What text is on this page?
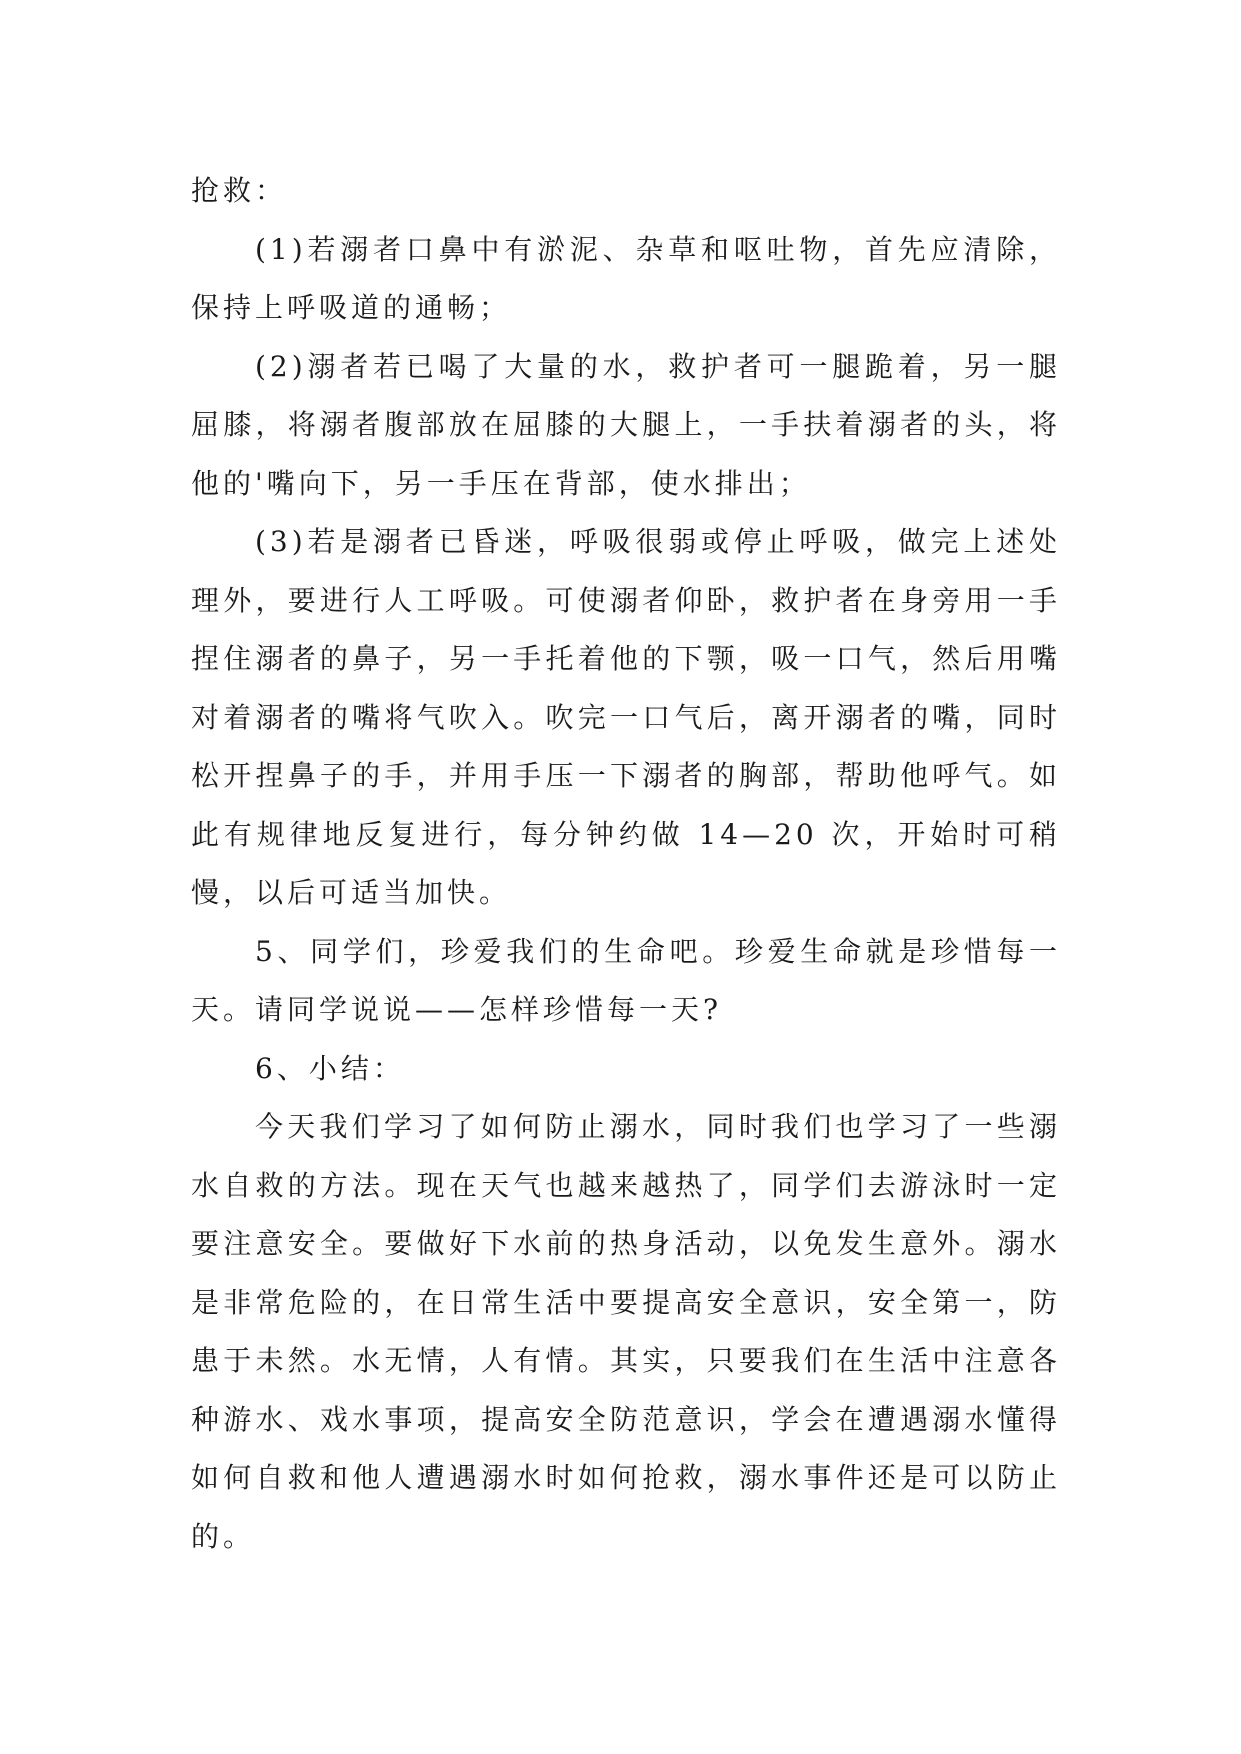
抢救：

(1)若溺者口鼻中有淤泥、杂草和呕吐物，首先应清除，保持上呼吸道的通畅；

(2)溺者若已喝了大量的水，救护者可一腿跪着，另一腿屈膝，将溺者腹部放在屈膝的大腿上，一手扶着溺者的头，将他的'嘴向下，另一手压在背部，使水排出；

(3)若是溺者已昏迷，呼吸很弱或停止呼吸，做完上述处理外，要进行人工呼吸。可使溺者仰卧，救护者在身旁用一手捏住溺者的鼻子，另一手托着他的下颚，吸一口气，然后用嘴对着溺者的嘴将气吹入。吹完一口气后，离开溺者的嘴，同时松开捏鼻子的手，并用手压一下溺者的胸部，帮助他呼气。如此有规律地反复进行，每分钟约做 14—20 次，开始时可稍慢，以后可适当加快。

5、同学们，珍爱我们的生命吧。珍爱生命就是珍惜每一天。请同学说说——怎样珍惜每一天?

6、小结：

今天我们学习了如何防止溺水，同时我们也学习了一些溺水自救的方法。现在天气也越来越热了，同学们去游泳时一定要注意安全。要做好下水前的热身活动，以免发生意外。溺水是非常危险的，在日常生活中要提高安全意识，安全第一，防患于未然。水无情，人有情。其实，只要我们在生活中注意各种游水、戏水事项，提高安全防范意识，学会在遭遇溺水懂得如何自救和他人遭遇溺水时如何抢救，溺水事件还是可以防止的。
